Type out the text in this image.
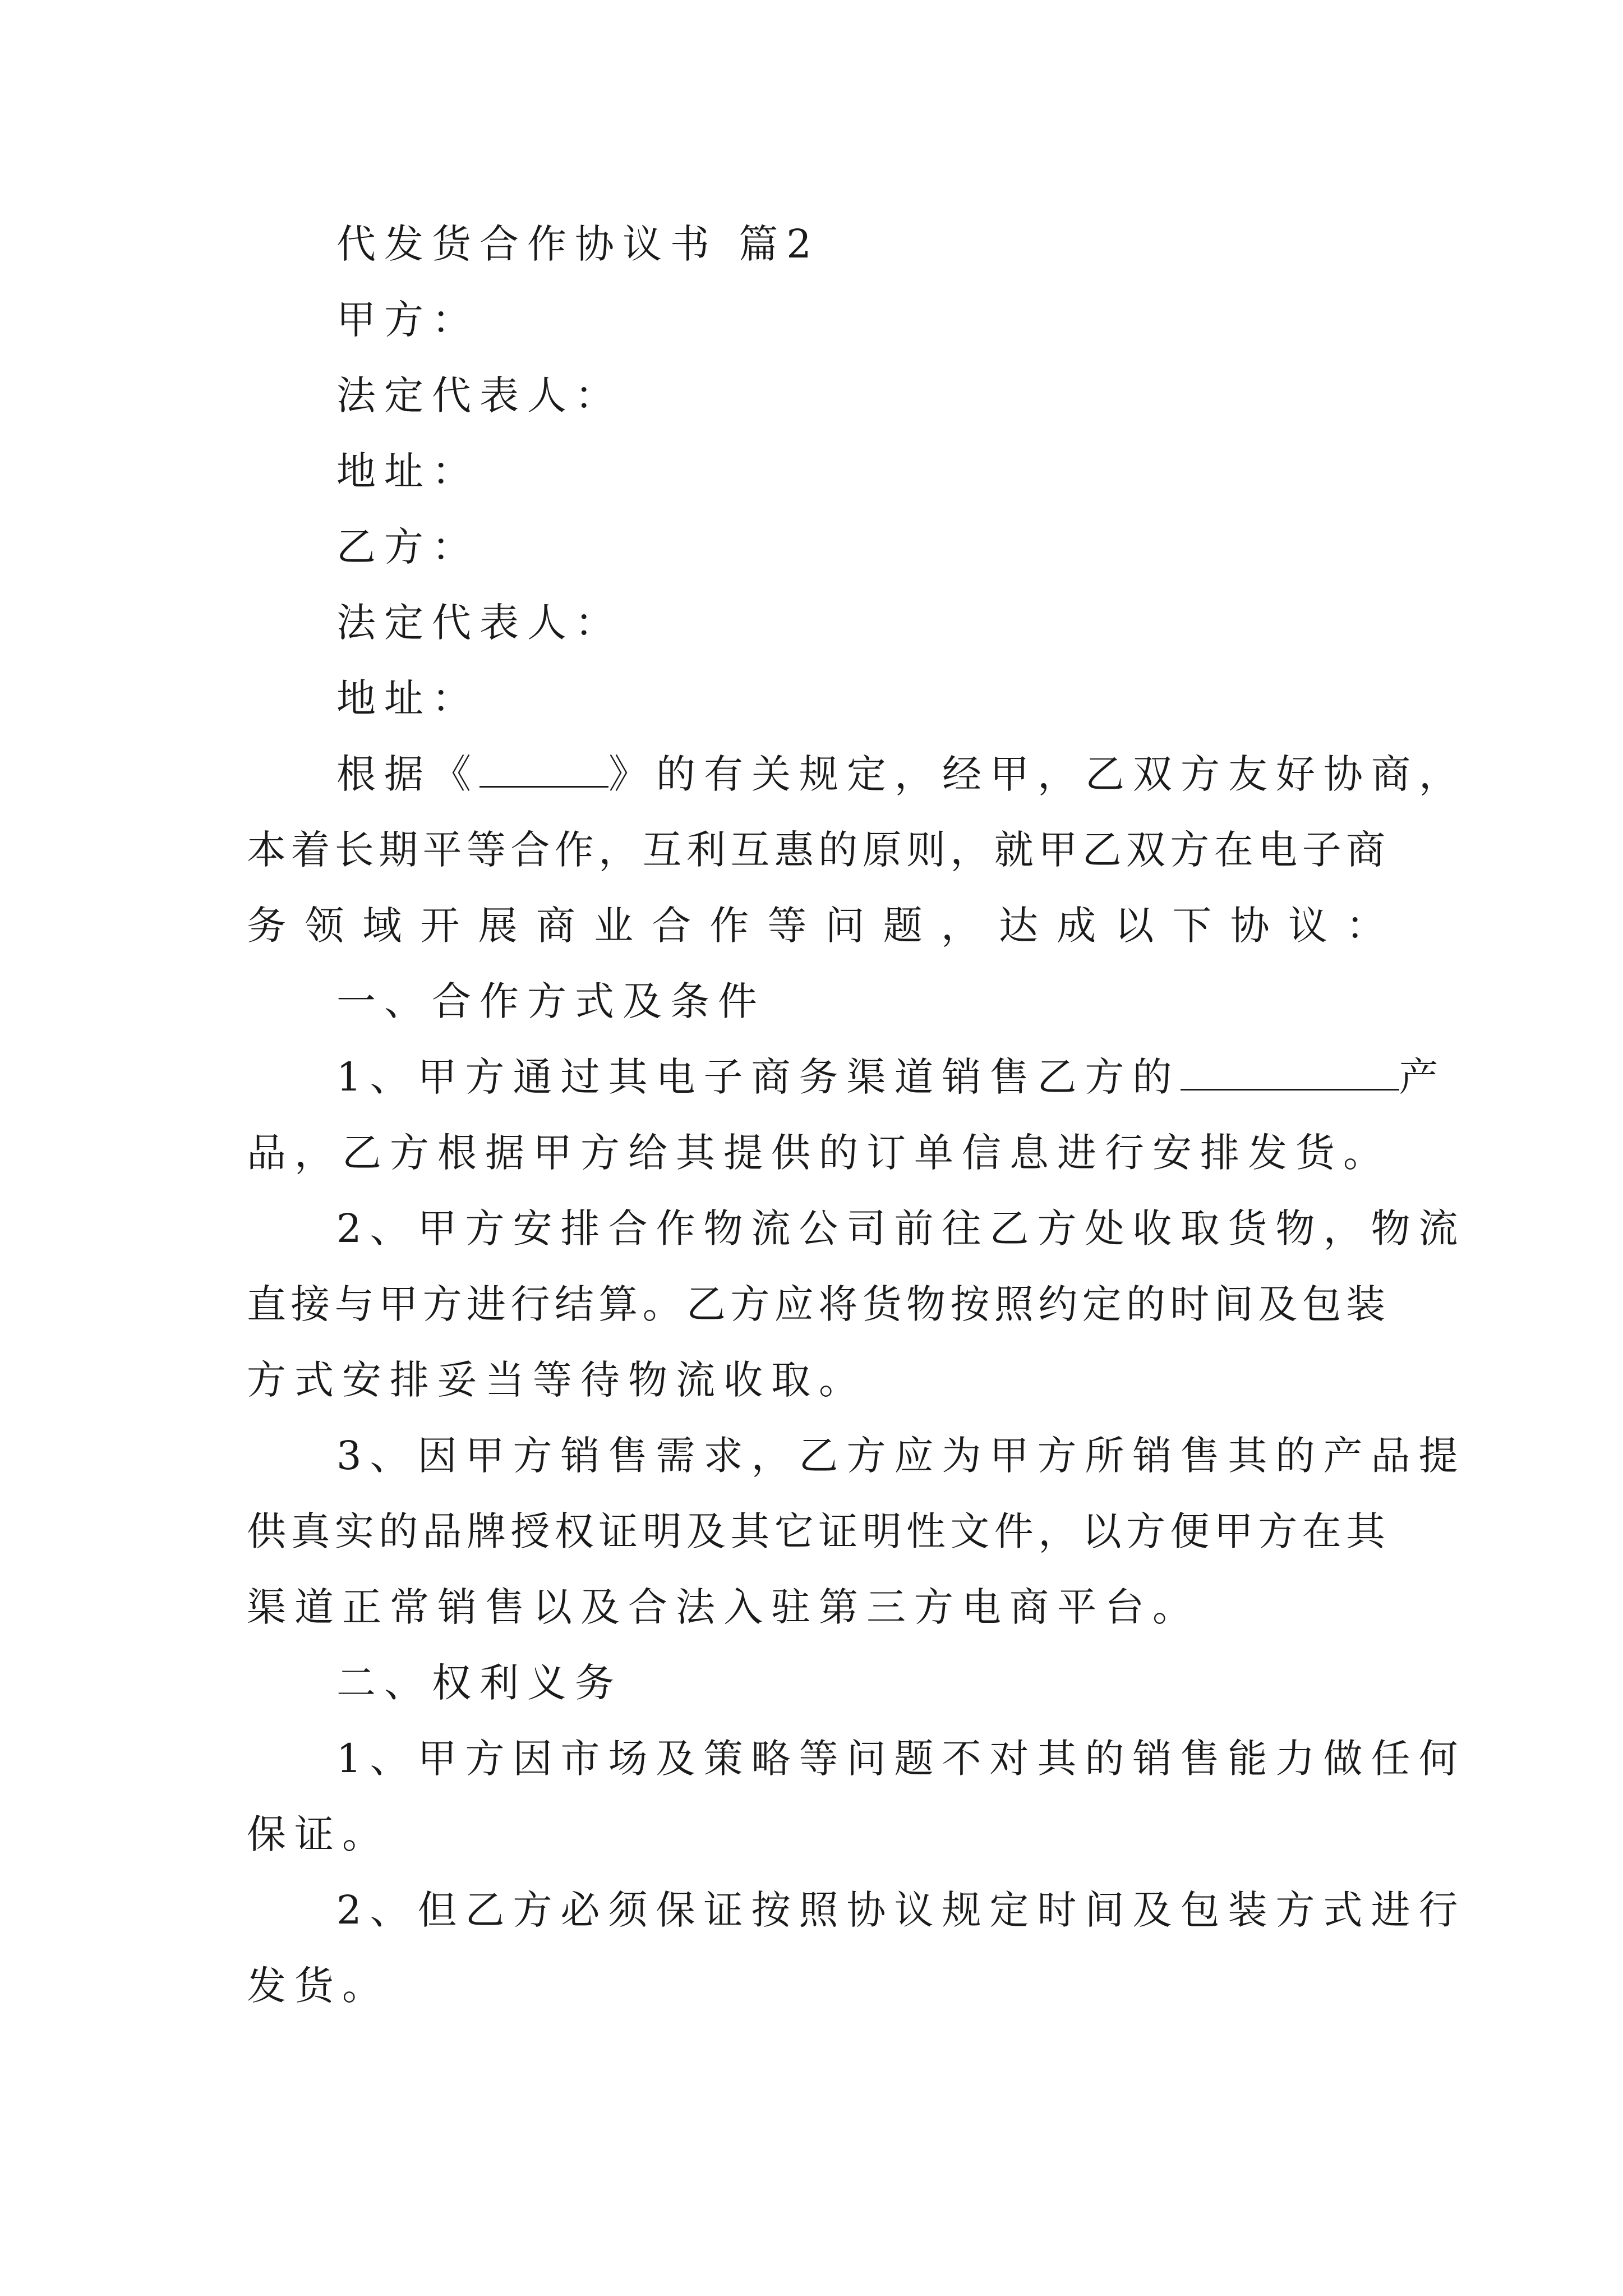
代发货合作协议书 篇2
甲方：
法定代表人：
地址：
乙方：
法定代表人：
地址：
根据《	》的有关规定，经甲，乙双方友好协商，
本着长期平等合作，互利互惠的原则，就甲乙双方在电子商
务领域开展商业合作等问题，达成以下协议：
一、合作方式及条件
1、甲方通过其电子商务渠道销售乙方的	产
品，乙方根据甲方给其提供的订单信息进行安排发货。
2、甲方安排合作物流公司前往乙方处收取货物，物流
直接与甲方进行结算。乙方应将货物按照约定的时间及包装
方式安排妥当等待物流收取。
3、因甲方销售需求，乙方应为甲方所销售其的产品提
供真实的品牌授权证明及其它证明性文件，以方便甲方在其
渠道正常销售以及合法入驻第三方电商平台。
二、权利义务
1、甲方因市场及策略等问题不对其的销售能力做任何
保证。
2、但乙方必须保证按照协议规定时间及包装方式进行
发货。
